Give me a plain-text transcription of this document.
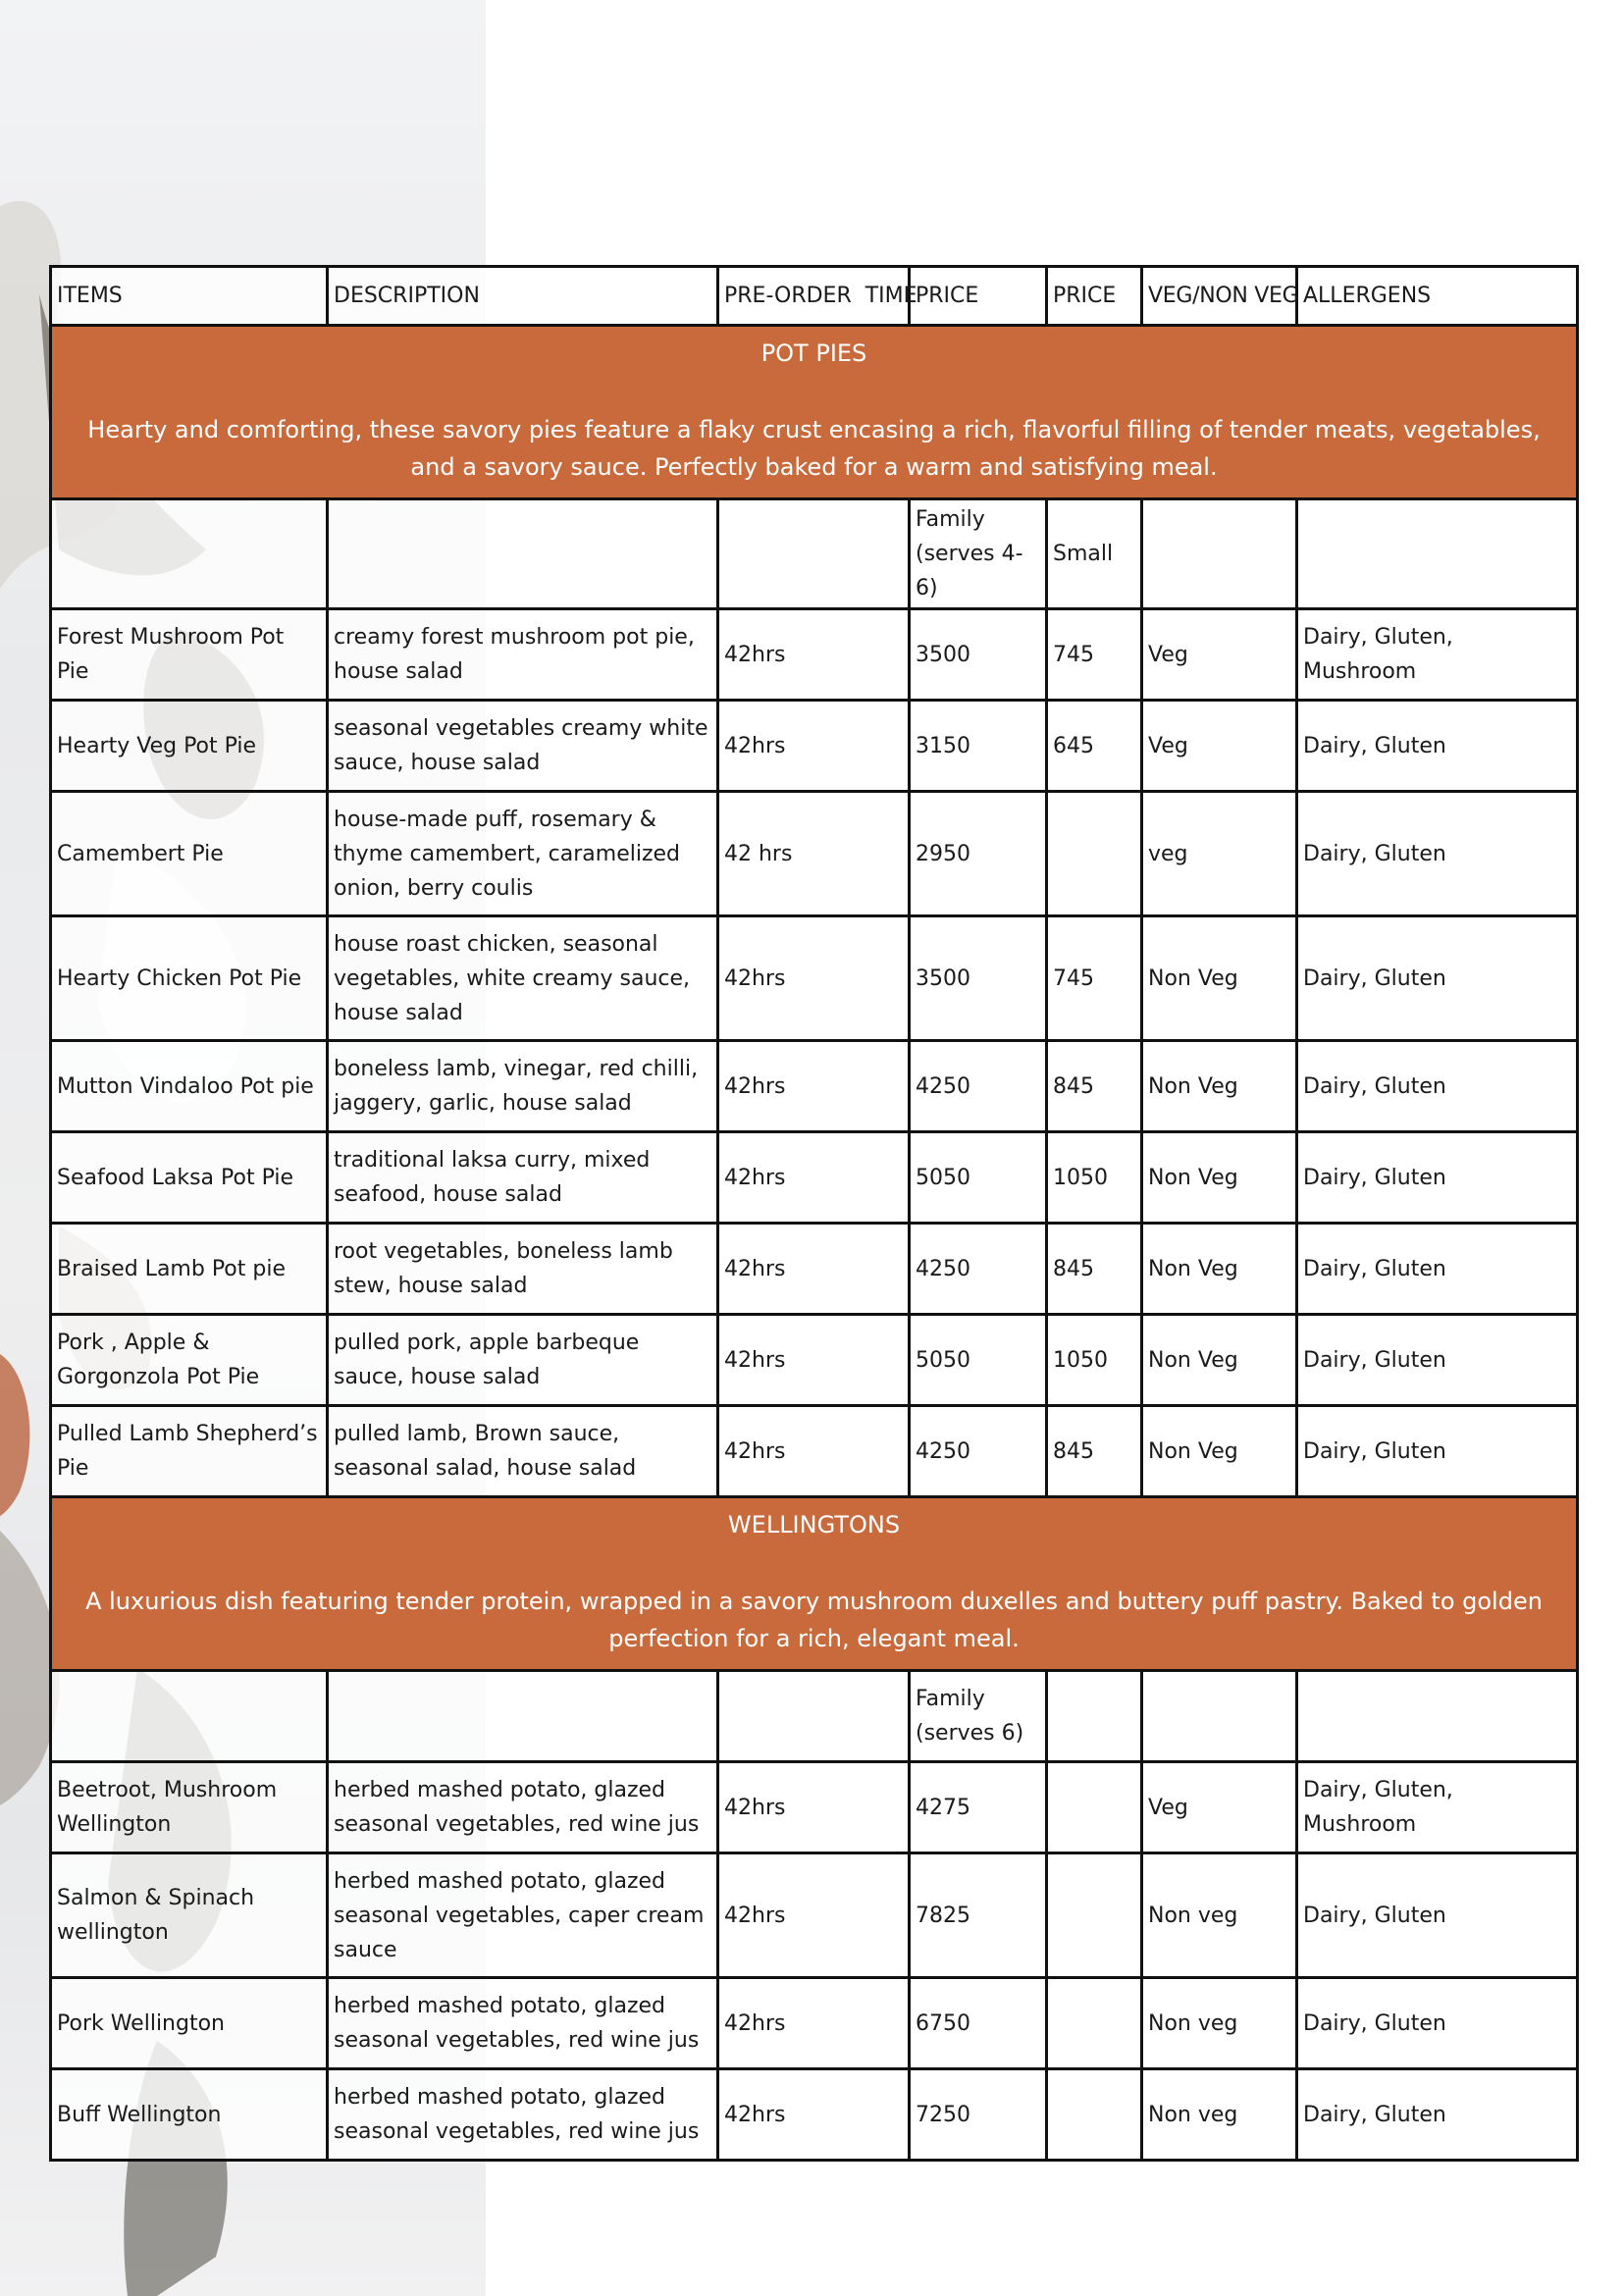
ITEMS	DESCRIPTION	PRE-ORDER  TIME	PRICE	PRICE	VEG/NON VEG	ALLERGENS

POT PIES
Hearty and comforting, these savory pies feature a flaky crust encasing a rich, flavorful filling of tender meats, vegetables, and a savory sauce. Perfectly baked for a warm and satisfying meal.						

			Family (serves 4-6)	Small		
Forest Mushroom Pot Pie	creamy forest mushroom pot pie, house salad	42hrs	3500	745	Veg	Dairy, Gluten, Mushroom
Hearty Veg Pot Pie	seasonal vegetables creamy white sauce, house salad	42hrs	3150	645	Veg	Dairy, Gluten
Camembert Pie	house-made puff, rosemary & thyme camembert, caramelized onion, berry coulis	42 hrs	2950		veg	Dairy, Gluten
Hearty Chicken Pot Pie	house roast chicken, seasonal vegetables, white creamy sauce, house salad	42hrs	3500	745	Non Veg	Dairy, Gluten
Mutton Vindaloo Pot pie	boneless lamb, vinegar, red chilli, jaggery, garlic, house salad	42hrs	4250	845	Non Veg	Dairy, Gluten
Seafood Laksa Pot Pie	traditional laksa curry, mixed seafood, house salad	42hrs	5050	1050	Non Veg	Dairy, Gluten
Braised Lamb Pot pie	root vegetables, boneless lamb stew, house salad	42hrs	4250	845	Non Veg	Dairy, Gluten
Pork , Apple & Gorgonzola Pot Pie	pulled pork, apple barbeque sauce, house salad	42hrs	5050	1050	Non Veg	Dairy, Gluten
Pulled Lamb Shepherd’s Pie	pulled lamb, Brown sauce, seasonal salad, house salad	42hrs	4250	845	Non Veg	Dairy, Gluten

WELLINGTONS
A luxurious dish featuring tender protein, wrapped in a savory mushroom duxelles and buttery puff pastry. Baked to golden perfection for a rich, elegant meal.						

			Family (serves 6)			
Beetroot, Mushroom Wellington	herbed mashed potato, glazed seasonal vegetables, red wine jus	42hrs	4275		Veg	Dairy, Gluten, Mushroom
Salmon & Spinach wellington	herbed mashed potato, glazed seasonal vegetables, caper cream sauce	42hrs	7825		Non veg	Dairy, Gluten
Pork Wellington	herbed mashed potato, glazed seasonal vegetables, red wine jus	42hrs	6750		Non veg	Dairy, Gluten
Buff Wellington	herbed mashed potato, glazed seasonal vegetables, red wine jus	42hrs	7250		Non veg	Dairy, Gluten
